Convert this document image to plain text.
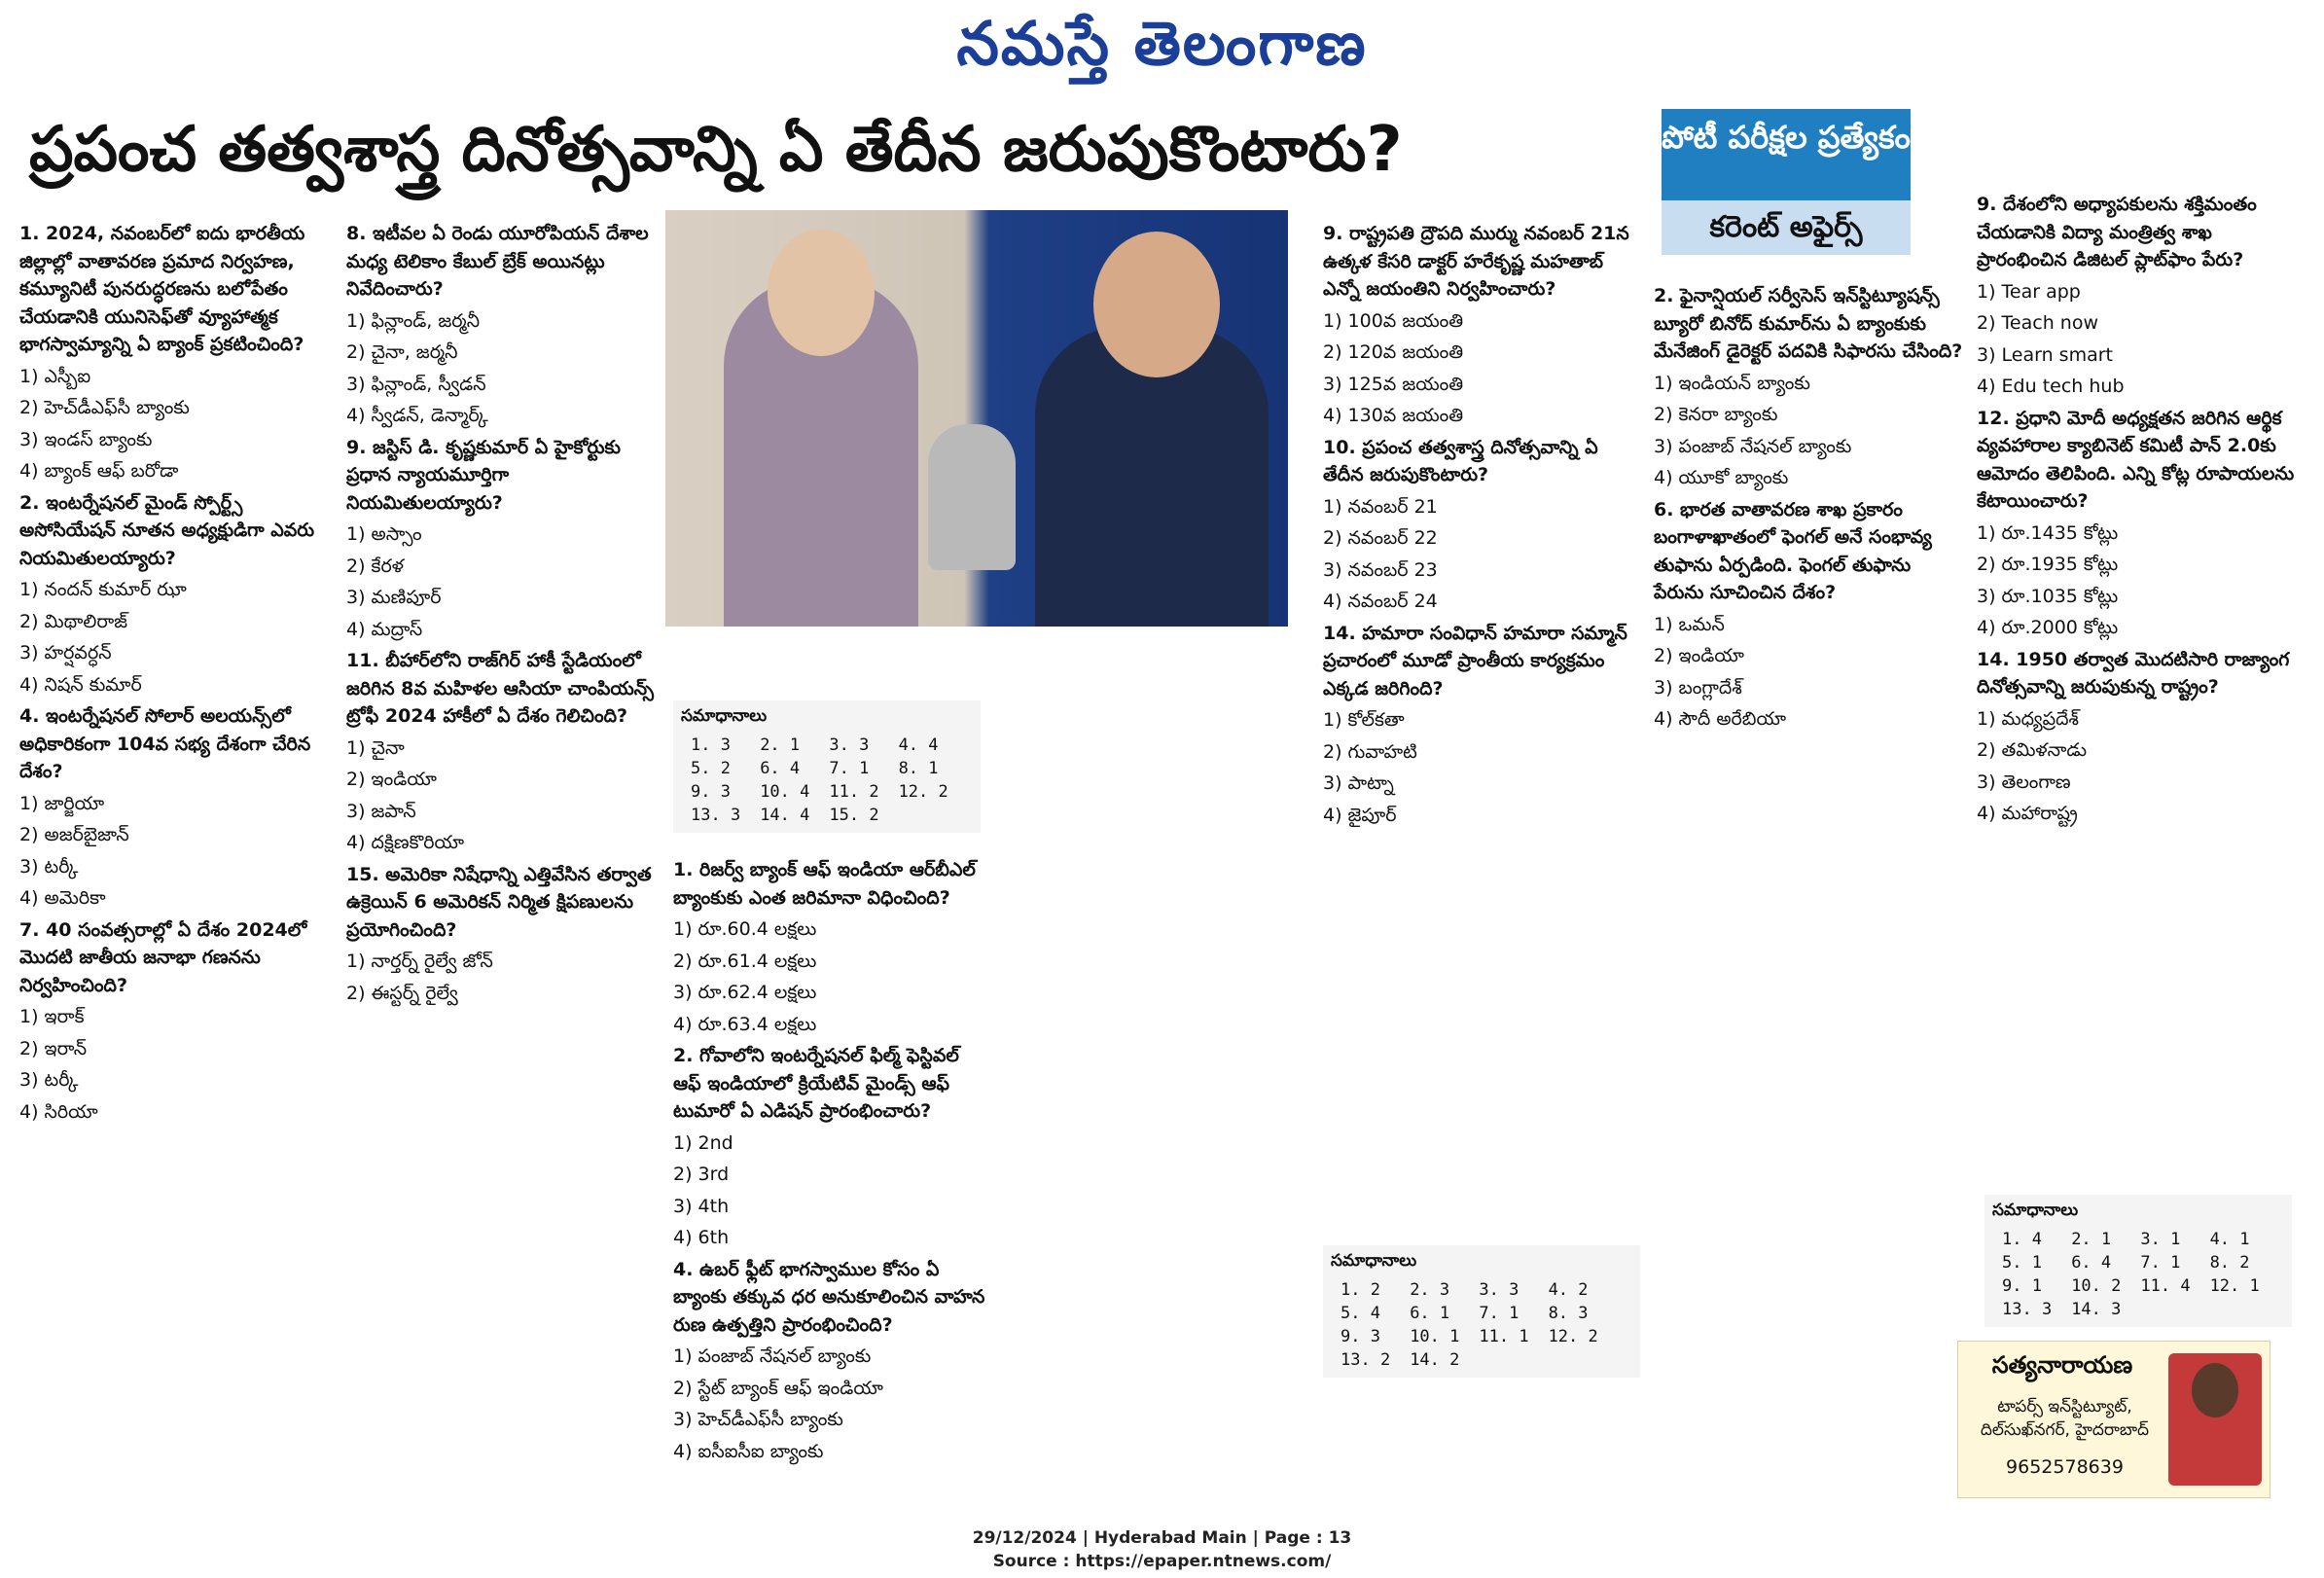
నమస్తే తెలంగాణ
ప్రపంచ తత్వశాస్త్ర దినోత్సవాన్ని ఏ తేదీన జరుపుకొంటారు?	పోటీ పరీక్షల ప్రత్యేకం
కరెంట్ అఫైర్స్

1. 2024, నవంబర్‌లో ఐదు భారతీయ జిల్లాల్లో వాతావరణ ప్రమాద నిర్వహణ, కమ్యూనిటీ పునరుద్ధరణను బలోపేతం చేయడానికి యునిసెఫ్‌తో వ్యూహాత్మక భాగస్వామ్యాన్ని ఏ బ్యాంక్ ప్రకటించింది?

1) ఎస్బీఐ

2) హెచ్‌డీఎఫ్‌సీ బ్యాంకు

3) ఇండస్ బ్యాంకు

4) బ్యాంక్ ఆఫ్ బరోడా

2. ఇంటర్నేషనల్ మైండ్ స్పోర్ట్స్ అసోసియేషన్ నూతన అధ్యక్షుడిగా ఎవరు నియమితులయ్యారు?

1) నందన్ కుమార్ ఝా

2) మిథాలిరాజ్

3) హర్షవర్ధన్

4) నిషన్ కుమార్

4. ఇంటర్నేషనల్ సోలార్ అలయన్స్‌లో అధికారికంగా 104వ సభ్య దేశంగా చేరిన దేశం?

1) జార్జియా

2) అజర్‌బైజాన్

3) టర్కీ

4) అమెరికా

7. 40 సంవత్సరాల్లో ఏ దేశం 2024లో మొదటి జాతీయ జనాభా గణనను నిర్వహించింది?

1) ఇరాక్

2) ఇరాన్

3) టర్కీ

4) సిరియా

8. ఇటీవల ఏ రెండు యూరోపియన్ దేశాల మధ్య టెలికాం కేబుల్ బ్రేక్ అయినట్లు నివేదించారు?

1) ఫిన్లాండ్, జర్మనీ

2) చైనా, జర్మనీ

3) ఫిన్లాండ్, స్వీడన్

4) స్వీడన్, డెన్మార్క్

9. జస్టిస్ డి. కృష్ణకుమార్ ఏ హైకోర్టుకు ప్రధాన న్యాయమూర్తిగా నియమితులయ్యారు?

1) అస్సాం

2) కేరళ

3) మణిపూర్

4) మద్రాస్

11. బీహార్‌లోని రాజ్‌గిర్ హాకీ స్టేడియంలో జరిగిన 8వ మహిళల ఆసియా చాంపియన్స్ ట్రోఫీ 2024 హాకీలో ఏ దేశం గెలిచింది?

1) చైనా

2) ఇండియా

3) జపాన్

4) దక్షిణకొరియా

15. అమెరికా నిషేధాన్ని ఎత్తివేసిన తర్వాత ఉక్రెయిన్ 6 అమెరికన్ నిర్మిత క్షిపణులను ప్రయోగించింది?

1) నార్తర్న్ రైల్వే జోన్

2) ఈస్టర్న్ రైల్వే

సమాధానాలు
1. 3	2. 1	3. 3	4. 4
5. 2	6. 4	7. 1	8. 1
9. 3	10. 4	11. 2	12. 2
13. 3	14. 4	15. 2	

1. రిజర్వ్ బ్యాంక్ ఆఫ్ ఇండియా ఆర్‌బీఎల్ బ్యాంకుకు ఎంత జరిమానా విధించింది?

1) రూ.60.4 లక్షలు

2) రూ.61.4 లక్షలు

3) రూ.62.4 లక్షలు

4) రూ.63.4 లక్షలు

2. గోవాలోని ఇంటర్నేషనల్ ఫిల్మ్ ఫెస్టివల్ ఆఫ్ ఇండియాలో క్రియేటివ్ మైండ్స్ ఆఫ్ టుమారో ఏ ఎడిషన్ ప్రారంభించారు?

1) 2nd

2) 3rd

3) 4th

4) 6th

4. ఉబర్ ఫ్లీట్ భాగస్వాముల కోసం ఏ బ్యాంకు తక్కువ ధర అనుకూలించిన వాహన రుణ ఉత్పత్తిని ప్రారంభించింది?

1) పంజాబ్ నేషనల్ బ్యాంకు

2) స్టేట్ బ్యాంక్ ఆఫ్ ఇండియా

3) హెచ్‌డీఎఫ్‌సీ బ్యాంకు

4) ఐసీఐసీఐ బ్యాంకు

9. రాష్ట్రపతి ద్రౌపది ముర్ము నవంబర్ 21న ఉత్కళ కేసరి డాక్టర్ హరేకృష్ణ మహతాబ్ ఎన్నో జయంతిని నిర్వహించారు?

1) 100వ జయంతి

2) 120వ జయంతి

3) 125వ జయంతి

4) 130వ జయంతి

10. ప్రపంచ తత్వశాస్త్ర దినోత్సవాన్ని ఏ తేదీన జరుపుకొంటారు?

1) నవంబర్ 21

2) నవంబర్ 22

3) నవంబర్ 23

4) నవంబర్ 24

14. హమారా సంవిధాన్ హమారా సమ్మాన్ ప్రచారంలో మూడో ప్రాంతీయ కార్యక్రమం ఎక్కడ జరిగింది?

1) కోల్‌కతా

2) గువాహటి

3) పాట్నా

4) జైపూర్

సమాధానాలు
1. 2	2. 3	3. 3	4. 2
5. 4	6. 1	7. 1	8. 3
9. 3	10. 1	11. 1	12. 2
13. 2	14. 2		

2. ఫైనాన్షియల్ సర్వీసెస్ ఇన్‌స్టిట్యూషన్స్ బ్యూరో బినోద్ కుమార్‌ను ఏ బ్యాంకుకు మేనేజింగ్ డైరెక్టర్ పదవికి సిఫారసు చేసింది?

1) ఇండియన్ బ్యాంకు

2) కెనరా బ్యాంకు

3) పంజాబ్ నేషనల్ బ్యాంకు

4) యూకో బ్యాంకు

6. భారత వాతావరణ శాఖ ప్రకారం బంగాళాఖాతంలో ఫెంగల్ అనే సంభావ్య తుఫాను ఏర్పడింది. ఫెంగల్ తుఫాను పేరును సూచించిన దేశం?

1) ఒమన్

2) ఇండియా

3) బంగ్లాదేశ్

4) సౌదీ అరేబియా

9. దేశంలోని అధ్యాపకులను శక్తిమంతం చేయడానికి విద్యా మంత్రిత్వ శాఖ ప్రారంభించిన డిజిటల్ ప్లాట్‌ఫాం పేరు?

1) Tear app

2) Teach now

3) Learn smart

4) Edu tech hub

12. ప్రధాని మోదీ అధ్యక్షతన జరిగిన ఆర్థిక వ్యవహారాల క్యాబినెట్ కమిటీ పాన్ 2.0కు ఆమోదం తెలిపింది. ఎన్ని కోట్ల రూపాయలను కేటాయించారు?

1) రూ.1435 కోట్లు

2) రూ.1935 కోట్లు

3) రూ.1035 కోట్లు

4) రూ.2000 కోట్లు

14. 1950 తర్వాత మొదటిసారి రాజ్యాంగ దినోత్సవాన్ని జరుపుకున్న రాష్ట్రం?

1) మధ్యప్రదేశ్

2) తమిళనాడు

3) తెలంగాణ

4) మహారాష్ట్ర

సమాధానాలు
1. 4	2. 1	3. 1	4. 1
5. 1	6. 4	7. 1	8. 2
9. 1	10. 2	11. 4	12. 1
13. 3	14. 3		
సత్యనారాయణ
టాపర్స్ ఇన్‌స్టిట్యూట్, దిల్‌సుఖ్‌నగర్, హైదరాబాద్
9652578639
29/12/2024 | Hyderabad Main | Page : 13
Source : https://epaper.ntnews.com/
